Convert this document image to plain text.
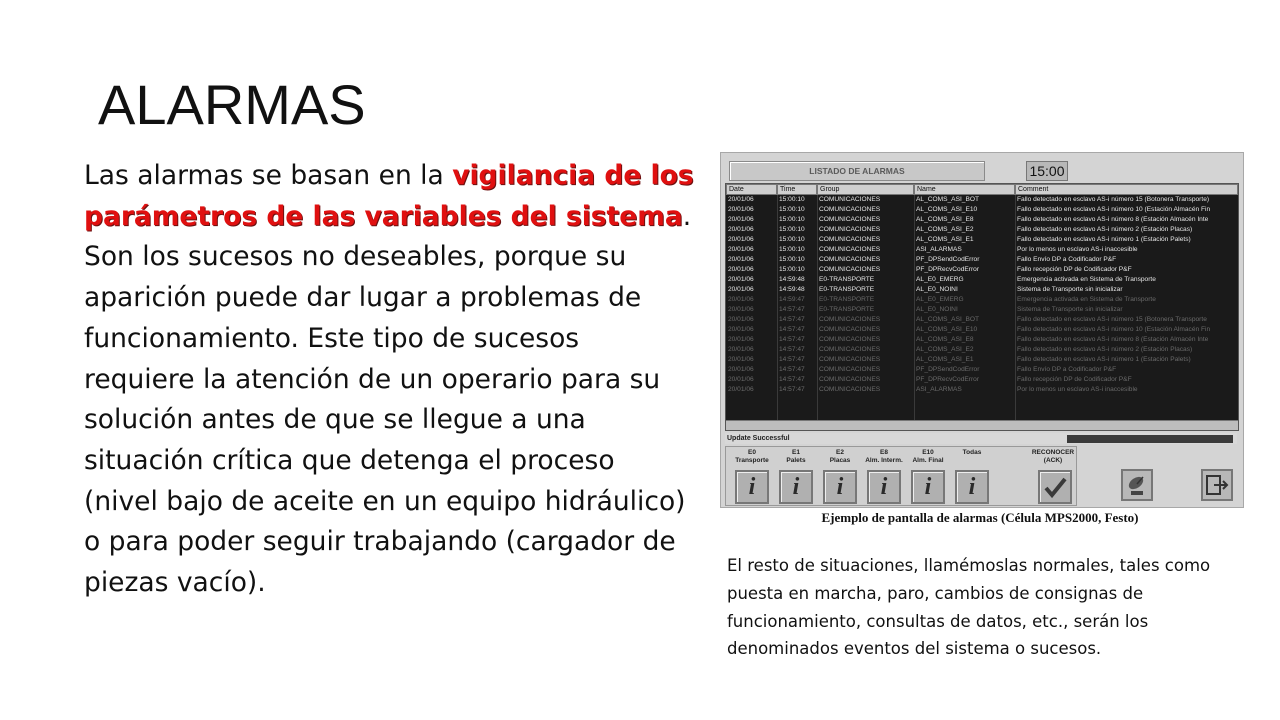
ALARMAS
Las alarmas se basan en la vigilancia de los parámetros de las variables del sistema. Son los sucesos no deseables, porque su aparición puede dar lugar a problemas de funcionamiento. Este tipo de sucesos requiere la atención de un operario para su solución antes de que se llegue a una situación crítica que detenga el proceso (nivel bajo de aceite en un equipo hidráulico) o para poder seguir trabajando (cargador de piezas vacío).
LISTADO DE ALARMAS	15:00
Date	Time	Group	Name	Comment
20/01/06	15:00:10	COMUNICACIONES	AL_COMS_ASI_BOT	Fallo detectado en esclavo AS-i número 15 (Botonera Transporte)
20/01/06	15:00:10	COMUNICACIONES	AL_COMS_ASI_E10	Fallo detectado en esclavo AS-i número 10 (Estación Almacén Fin
20/01/06	15:00:10	COMUNICACIONES	AL_COMS_ASI_E8	Fallo detectado en esclavo AS-i número 8 (Estación Almacén Inte
20/01/06	15:00:10	COMUNICACIONES	AL_COMS_ASI_E2	Fallo detectado en esclavo AS-i número 2 (Estación Placas)
20/01/06	15:00:10	COMUNICACIONES	AL_COMS_ASI_E1	Fallo detectado en esclavo AS-i número 1 (Estación Palets)
20/01/06	15:00:10	COMUNICACIONES	ASI_ALARMAS	Por lo menos un esclavo AS-i inaccesible
20/01/06	15:00:10	COMUNICACIONES	PF_DPSendCodError	Fallo Envío DP a Codificador P&F
20/01/06	15:00:10	COMUNICACIONES	PF_DPRecvCodError	Fallo recepción DP de Codificador P&F
20/01/06	14:59:48	E0-TRANSPORTE	AL_E0_EMERG	Emergencia activada en Sistema de Transporte
20/01/06	14:59:48	E0-TRANSPORTE	AL_E0_NOINI	Sistema de Transporte sin inicializar
20/01/06	14:59:47	E0-TRANSPORTE	AL_E0_EMERG	Emergencia activada en Sistema de Transporte
20/01/06	14:57:47	E0-TRANSPORTE	AL_E0_NOINI	Sistema de Transporte sin inicializar
20/01/06	14:57:47	COMUNICACIONES	AL_COMS_ASI_BOT	Fallo detectado en esclavo AS-i número 15 (Botonera Transporte
20/01/06	14:57:47	COMUNICACIONES	AL_COMS_ASI_E10	Fallo detectado en esclavo AS-i número 10 (Estación Almacén Fin
20/01/06	14:57:47	COMUNICACIONES	AL_COMS_ASI_E8	Fallo detectado en esclavo AS-i número 8 (Estación Almacén Inte
20/01/06	14:57:47	COMUNICACIONES	AL_COMS_ASI_E2	Fallo detectado en esclavo AS-i número 2 (Estación Placas)
20/01/06	14:57:47	COMUNICACIONES	AL_COMS_ASI_E1	Fallo detectado en esclavo AS-i número 1 (Estación Palets)
20/01/06	14:57:47	COMUNICACIONES	PF_DPSendCodError	Fallo Envío DP a Codificador P&F
20/01/06	14:57:47	COMUNICACIONES	PF_DPRecvCodError	Fallo recepción DP de Codificador P&F
20/01/06	14:57:47	COMUNICACIONES	ASI_ALARMAS	Por lo menos un esclavo AS-i inaccesible
Update Successful
E0
Transporte
i
E1
Palets
i
E2
Placas
i
E8
Alm. Interm.
i
E10
Alm. Final
i
Todas
i
RECONOCER
(ACK)
Ejemplo de pantalla de alarmas (Célula MPS2000, Festo)
El resto de situaciones, llamémoslas normales, tales como puesta en marcha, paro, cambios de consignas de funcionamiento, consultas de datos, etc., serán los denominados eventos del sistema o sucesos.
